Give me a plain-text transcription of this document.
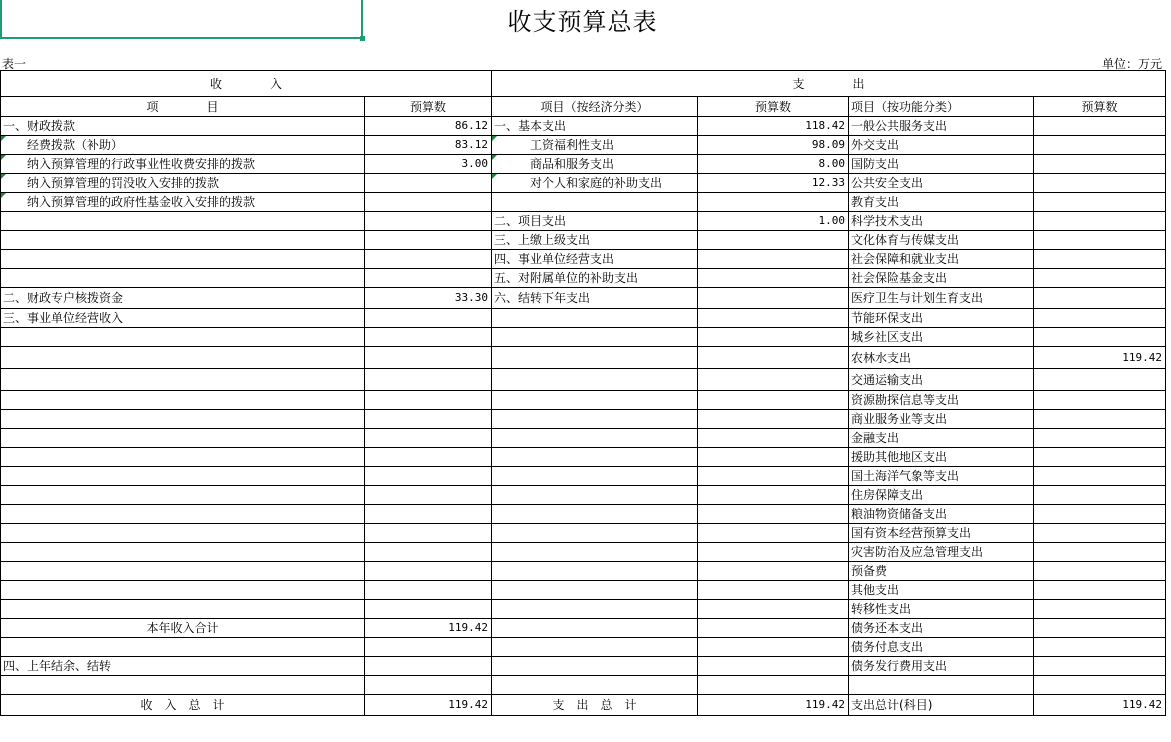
收支预算总表
表一	单位：万元
收　　　　入		支　　　　出			
项　　　　目	预算数	项目（按经济分类）	预算数	项目（按功能分类）	预算数
一、财政拨款	86.12	一、基本支出	118.42	一般公共服务支出	
经费拨款（补助）	83.12	工资福利性支出	98.09	外交支出	
纳入预算管理的行政事业性收费安排的拨款	3.00	商品和服务支出	8.00	国防支出	
纳入预算管理的罚没收入安排的拨款		对个人和家庭的补助支出	12.33	公共安全支出	
纳入预算管理的政府性基金收入安排的拨款				教育支出	
		二、项目支出	1.00	科学技术支出	
		三、上缴上级支出		文化体育与传媒支出	
		四、事业单位经营支出		社会保障和就业支出	
		五、对附属单位的补助支出		社会保险基金支出	
二、财政专户核拨资金	33.30	六、结转下年支出		医疗卫生与计划生育支出	
三、事业单位经营收入				节能环保支出	
				城乡社区支出	
				农林水支出	119.42
				交通运输支出	
				资源勘探信息等支出	
				商业服务业等支出	
				金融支出	
				援助其他地区支出	
				国土海洋气象等支出	
				住房保障支出	
				粮油物资储备支出	
				国有资本经营预算支出	
				灾害防治及应急管理支出	
				预备费	
				其他支出	
				转移性支出	
本年收入合计	119.42			债务还本支出	
				债务付息支出	
四、上年结余、结转				债务发行费用支出	

收　入　总　计	119.42	支　出　总　计	119.42	支出总计(科目)	119.42
